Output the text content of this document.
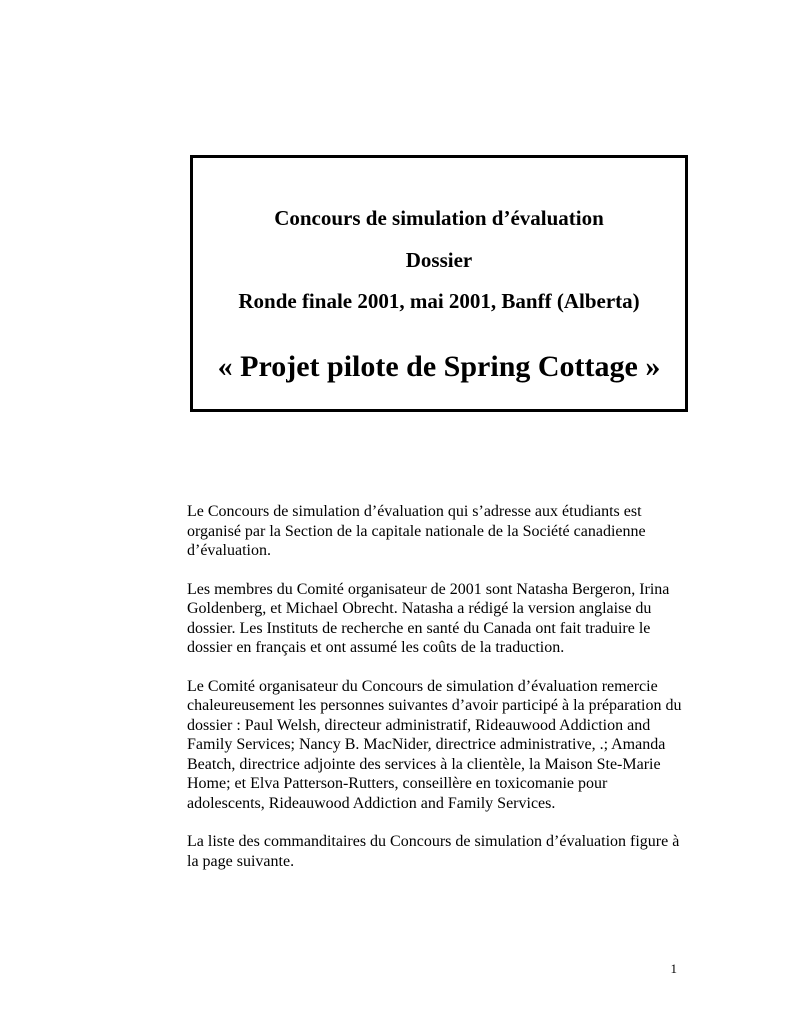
Concours de simulation d’évaluation
Dossier
Ronde finale 2001, mai 2001, Banff (Alberta)
« Projet pilote de Spring Cottage »

Le Concours de simulation d’évaluation qui s’adresse aux étudiants est organisé par la Section de la capitale nationale de la Société canadienne d’évaluation.

Les membres du Comité organisateur de 2001 sont Natasha Bergeron, Irina Goldenberg, et Michael Obrecht. Natasha a rédigé la version anglaise du dossier. Les Instituts de recherche en santé du Canada ont fait traduire le dossier en français et ont assumé les coûts de la traduction.

Le Comité organisateur du Concours de simulation d’évaluation remercie chaleureusement les personnes suivantes d’avoir participé à la préparation du dossier : Paul Welsh, directeur administratif, Rideauwood Addiction and Family Services; Nancy B. MacNider, directrice administrative, .; Amanda Beatch, directrice adjointe des services à la clientèle, la Maison Ste-Marie Home; et Elva Patterson-Rutters, conseillère en toxicomanie pour adolescents, Rideauwood Addiction and Family Services.

La liste des commanditaires du Concours de simulation d’évaluation figure à la page suivante.

1
